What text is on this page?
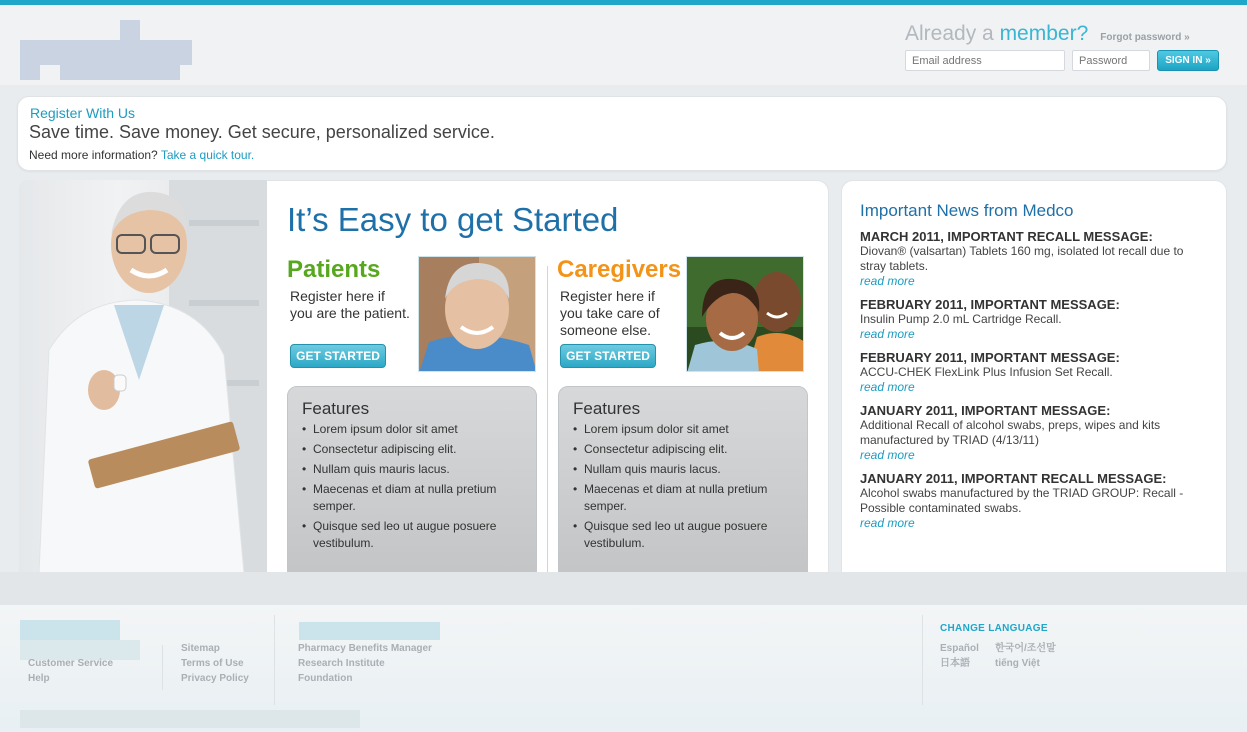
Already a member? Forgot password »
Email address
SIGN IN »
Register With Us
Save time. Save money. Get secure, personalized service.
Need more information? Take a quick tour.
It’s Easy to get Started
Patients
Register here if you are the patient.
GET STARTED
Caregivers
Register here if you take care of someone else.
GET STARTED
Features
• Lorem ipsum dolor sit amet
• Consectetur adipiscing elit.
• Nullam quis mauris lacus.
• Maecenas et diam at nulla pretium semper.
• Quisque sed leo ut augue posuere vestibulum.
Features
• Lorem ipsum dolor sit amet
• Consectetur adipiscing elit.
• Nullam quis mauris lacus.
• Maecenas et diam at nulla pretium semper.
• Quisque sed leo ut augue posuere vestibulum.
Important News from Medco
MARCH 2011, IMPORTANT RECALL MESSAGE:
Diovan® (valsartan) Tablets 160 mg, isolated lot recall due to stray tablets.
read more
FEBRUARY 2011, IMPORTANT MESSAGE:
Insulin Pump 2.0 mL Cartridge Recall.
read more
FEBRUARY 2011, IMPORTANT MESSAGE:
ACCU-CHEK FlexLink Plus Infusion Set Recall.
read more
JANUARY 2011, IMPORTANT MESSAGE:
Additional Recall of alcohol swabs, preps, wipes and kits manufactured by TRIAD (4/13/11)
read more
JANUARY 2011, IMPORTANT RECALL MESSAGE:
Alcohol swabs manufactured by the TRIAD GROUP: Recall - Possible contaminated swabs.
read more
Customer Service
Help
Sitemap
Terms of Use
Privacy Policy
Pharmacy Benefits Manager
Research Institute
Foundation
CHANGE LANGUAGE
Español	한국어/조선말
日本語	tiếng Việt
